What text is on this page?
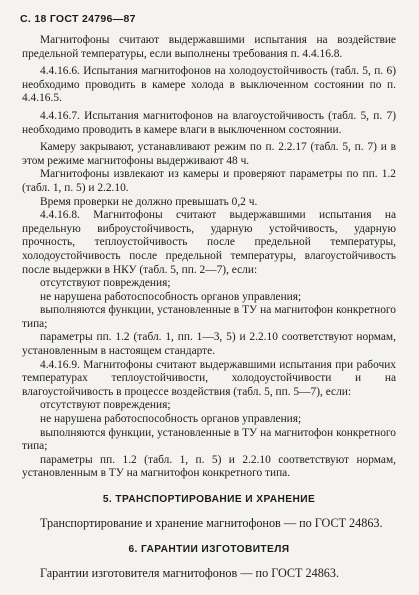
С. 18 ГОСТ 24796—87

Магнитофоны считают выдержавшими испытания на воздействие предельной температуры, если выполнены требования п. 4.4.16.8.

4.4.16.6. Испытания магнитофонов на холодоустойчивость (табл. 5, п. 6) необходимо проводить в камере холода в выключенном состоянии по п. 4.4.16.5.

4.4.16.7. Испытания магнитофонов на влагоустойчивость (табл. 5, п. 7) необходимо проводить в камере влаги в выключенном состоянии.

Камеру закрывают, устанавливают режим по п. 2.2.17 (табл. 5, п. 7) и в этом режиме магнитофоны выдерживают 48 ч.

Магнитофоны извлекают из камеры и проверяют параметры по пп. 1.2 (табл. 1, п. 5) и 2.2.10.

Время проверки не должно превышать 0,2 ч.

4.4.16.8. Магнитофоны считают выдержавшими испытания на предельную виброустойчивость, ударную устойчивость, ударную прочность, теплоустойчивость после предельной температуры, холодоустойчивость после предельной температуры, влагоустойчивость после выдержки в НКУ (табл. 5, пп. 2—7), если:

отсутствуют повреждения;

не нарушена работоспособность органов управления;

выполняются функции, установленные в ТУ на магнитофон конкретного типа;

параметры пп. 1.2 (табл. 1, пп. 1—3, 5) и 2.2.10 соответствуют нормам, установленным в настоящем стандарте.

4.4.16.9. Магнитофоны считают выдержавшими испытания при рабочих температурах теплоустойчивости, холодоустойчивости и на влагоустойчивость в процессе воздействия (табл. 5, пп. 5—7), если:

отсутствуют повреждения;

не нарушена работоспособность органов управления;

выполняются функции, установленные в ТУ на магнитофон конкретного типа;

параметры пп. 1.2 (табл. 1, п. 5) и 2.2.10 соответствуют нормам, установленным в ТУ на магнитофон конкретного типа.

5. ТРАНСПОРТИРОВАНИЕ И ХРАНЕНИЕ

Транспортирование и хранение магнитофонов — по ГОСТ 24863.

6. ГАРАНТИИ ИЗГОТОВИТЕЛЯ

Гарантии изготовителя магнитофонов — по ГОСТ 24863.
